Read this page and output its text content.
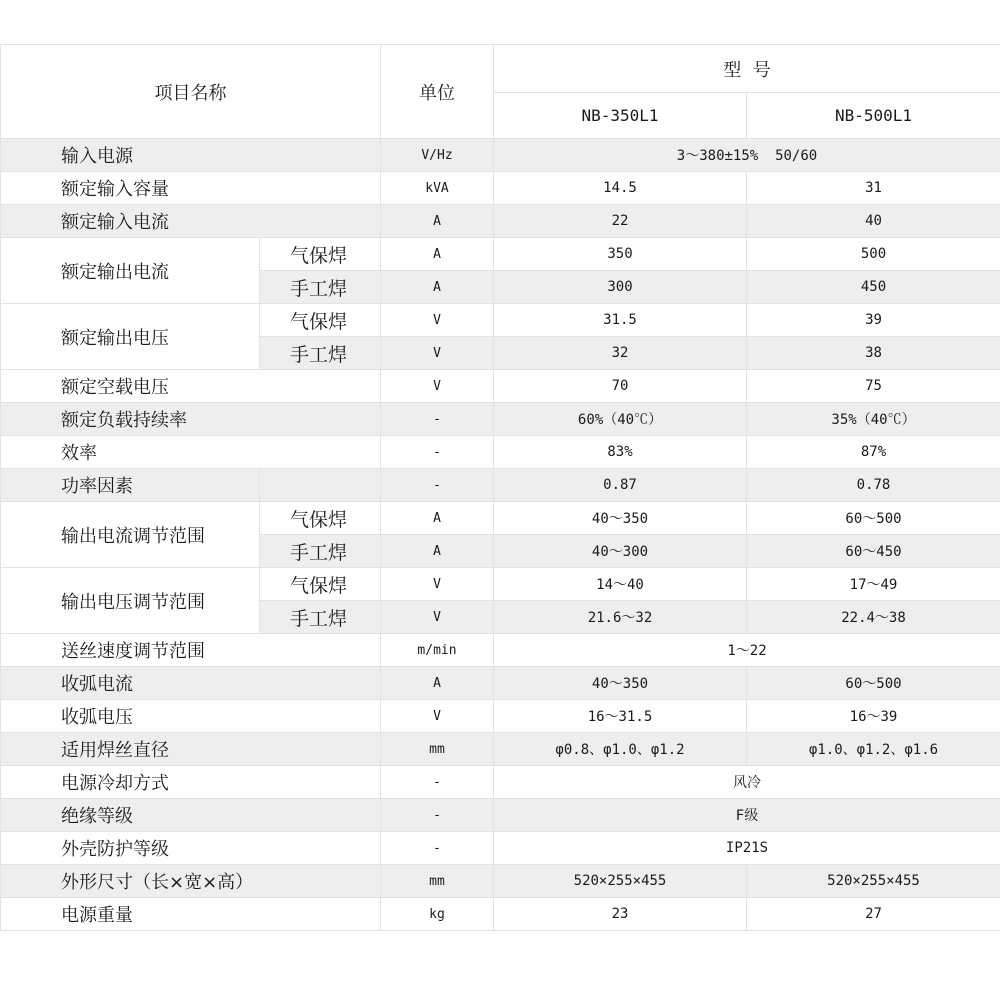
项目名称		单位	型  号	
			NB-350L1	NB-500L1
输入电源		V/Hz	3～380±15%  50/60	
额定输入容量		kVA	14.5	31
额定输入电流		A	22	40
额定输出电流	气保焊	A	350	500
	手工焊	A	300	450
额定输出电压	气保焊	V	31.5	39
	手工焊	V	32	38
额定空载电压		V	70	75
额定负载持续率		-	60%（40℃）	35%（40℃）
效率		-	83%	87%
功率因素		-	0.87	0.78
输出电流调节范围	气保焊	A	40～350	60～500
	手工焊	A	40～300	60～450
输出电压调节范围	气保焊	V	14～40	17～49
	手工焊	V	21.6～32	22.4～38
送丝速度调节范围		m/min	1～22	
收弧电流		A	40～350	60～500
收弧电压		V	16～31.5	16～39
适用焊丝直径		mm	φ0.8、φ1.0、φ1.2	φ1.0、φ1.2、φ1.6
电源冷却方式		-	风冷	
绝缘等级		-	F级	
外壳防护等级		-	IP21S	
外形尺寸（长×宽×高）		mm	520×255×455	520×255×455
电源重量		kg	23	27
